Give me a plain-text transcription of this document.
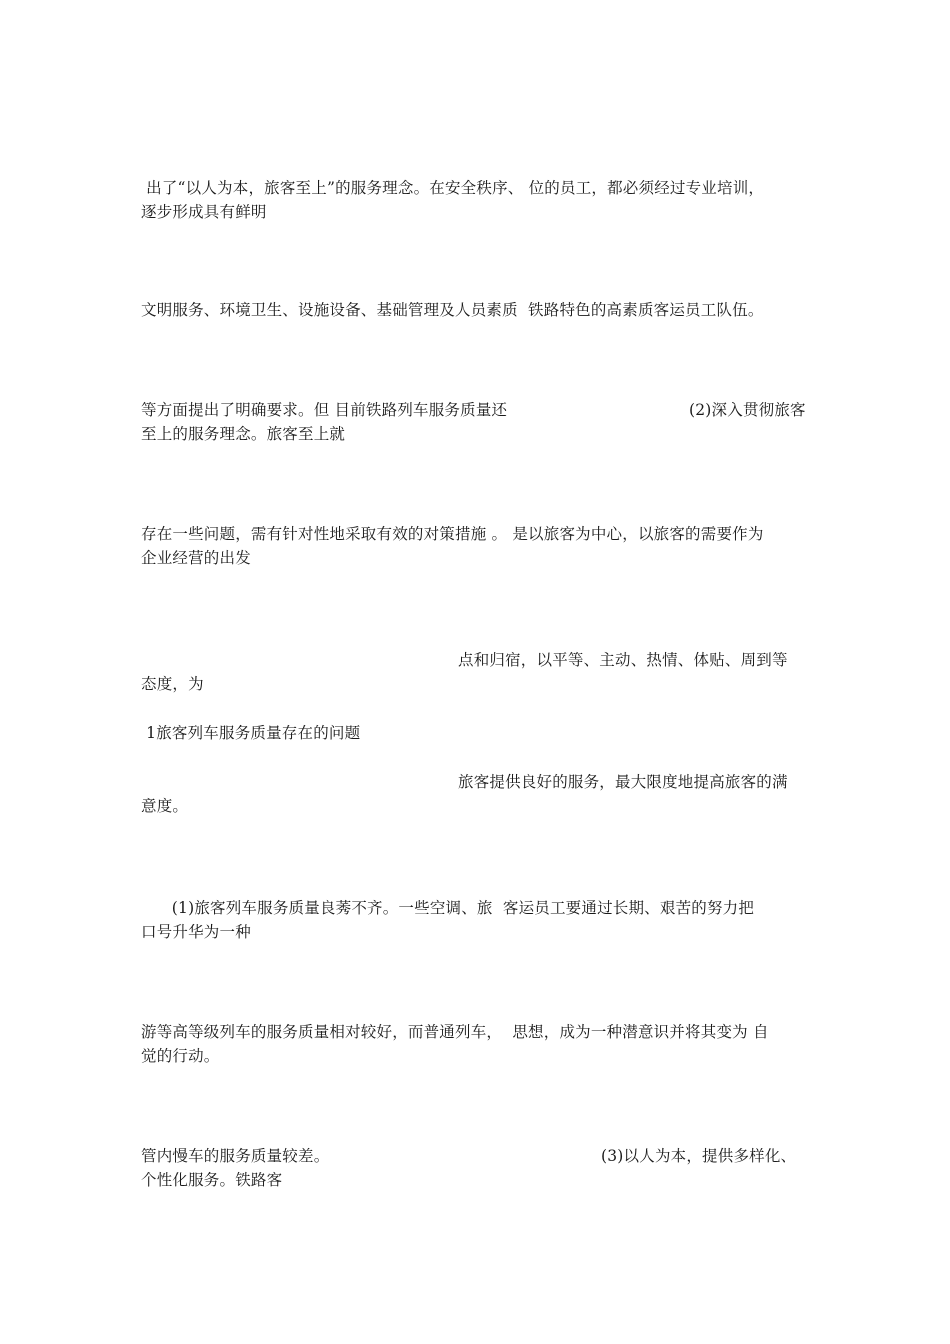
出了“以人为本，旅客至上”的服务理念。在安全秩序、 位的员工，都必须经过专业培训，
逐步形成具有鲜明
文明服务、环境卫生、设施设备、基础管理及人员素质  铁路特色的高素质客运员工队伍。

等方面提出了明确要求。但 目前铁路列车服务质量还

	(2)深入贯彻旅客

至上的服务理念。旅客至上就
存在一些问题，需有针对性地采取有效的对策措施 。 是以旅客为中心，以旅客的需要作为
企业经营的出发

点和归宿，以平等、主动、热情、体贴、周到等

态度，为
1旅客列车服务质量存在的问题

旅客提供良好的服务，最大限度地提高旅客的满

意度。
(1)旅客列车服务质量良莠不齐。一些空调、旅  客运员工要通过长期、艰苦的努力把
口号升华为一种
游等高等级列车的服务质量相对较好，而普通列车，  思想，成为一种潜意识并将其变为 自
觉的行动。

管内慢车的服务质量较差。

	(3)以人为本，提供多样化、

个性化服务。铁路客
